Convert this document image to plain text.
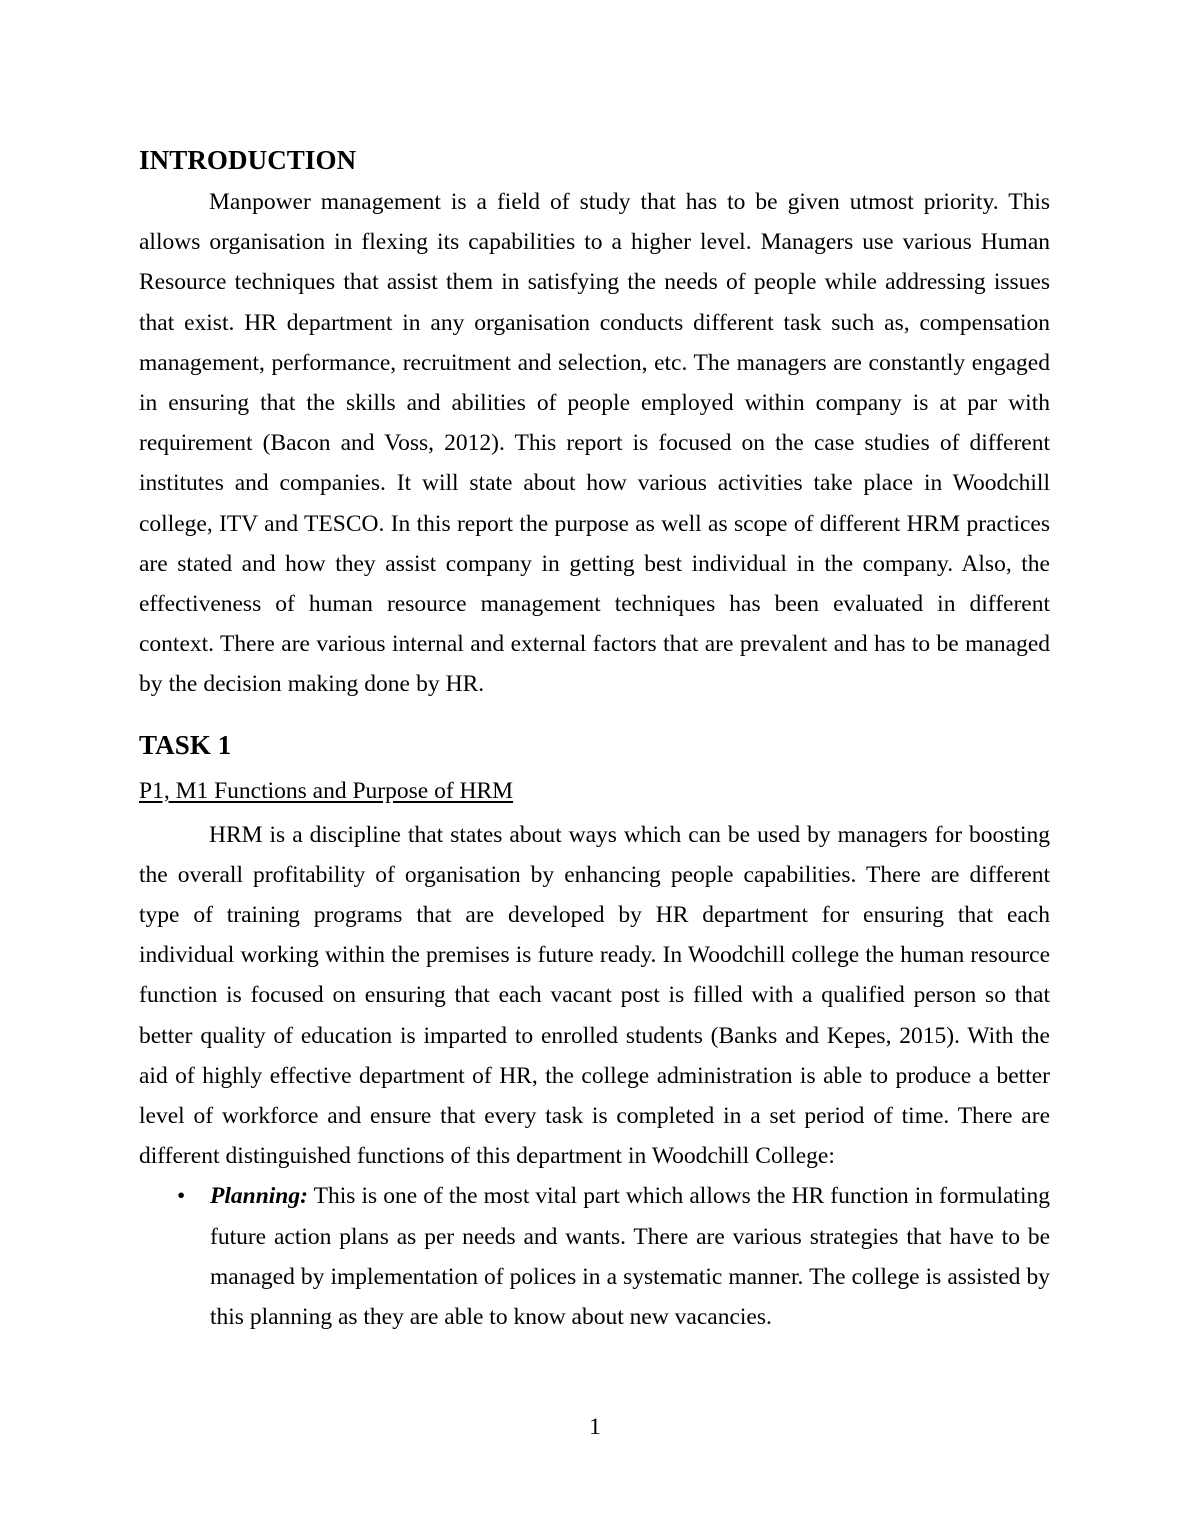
INTRODUCTION

Manpower management is a field of study that has to be given utmost priority. This allows organisation in flexing its capabilities to a higher level. Managers use various Human Resource techniques that assist them in satisfying the needs of people while addressing issues that exist. HR department in any organisation conducts different task such as, compensation management, performance, recruitment and selection, etc. The managers are constantly engaged in ensuring that the skills and abilities of people employed within company is at par with requirement (Bacon and Voss, 2012). This report is focused on the case studies of different institutes and companies. It will state about how various activities take place in Woodchill college, ITV and TESCO. In this report the purpose as well as scope of different HRM practices are stated and how they assist company in getting best individual in the company. Also, the effectiveness of human resource management techniques has been evaluated in different context. There are various internal and external factors that are prevalent and has to be managed by the decision making done by HR.

TASK 1
P1, M1 Functions and Purpose of HRM

HRM is a discipline that states about ways which can be used by managers for boosting the overall profitability of organisation by enhancing people capabilities. There are different type of training programs that are developed by HR department for ensuring that each individual working within the premises is future ready. In Woodchill college the human resource function is focused on ensuring that each vacant post is filled with a qualified person so that better quality of education is imparted to enrolled students (Banks and Kepes, 2015). With the aid of highly effective department of HR, the college administration is able to produce a better level of workforce and ensure that every task is completed in a set period of time. There are different distinguished functions of this department in Woodchill College:

• Planning: This is one of the most vital part which allows the HR function in formulating future action plans as per needs and wants. There are various strategies that have to be managed by implementation of polices in a systematic manner. The college is assisted by this planning as they are able to know about new vacancies.
1
